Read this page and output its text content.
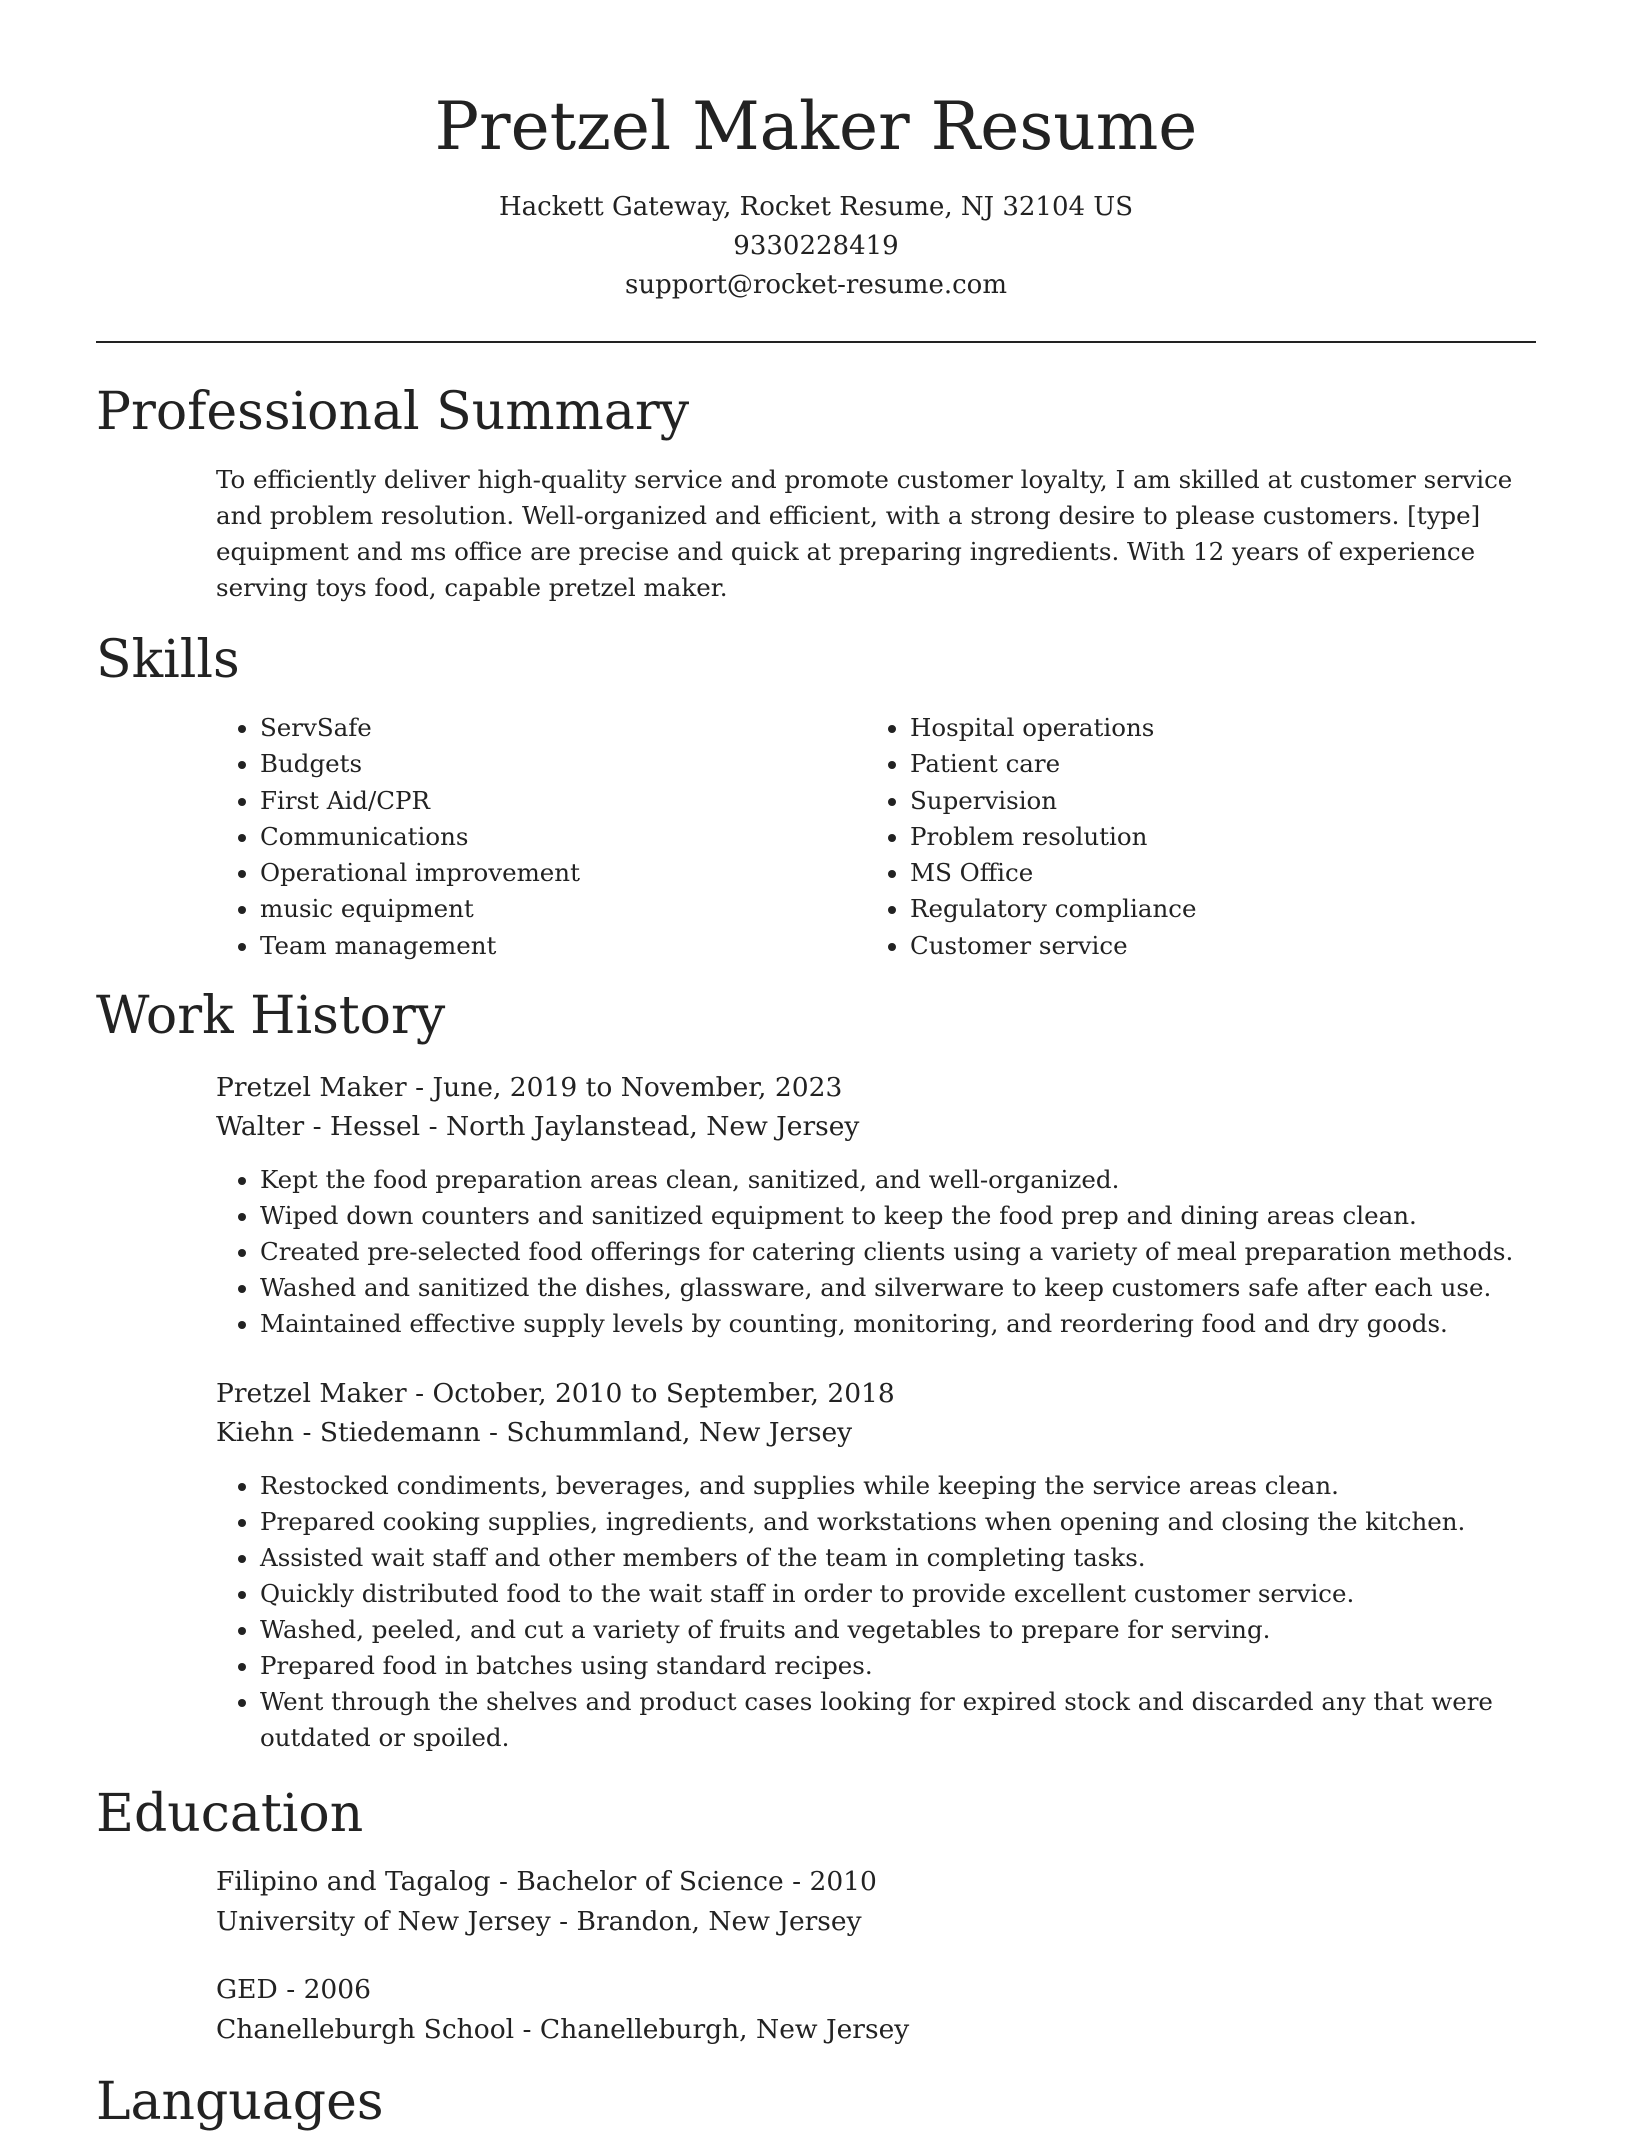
Pretzel Maker Resume
Hackett Gateway, Rocket Resume, NJ 32104 US
9330228419
support@rocket-resume.com
Professional Summary
To efficiently deliver high-quality service and promote customer loyalty, I am skilled at customer service and problem resolution. Well-organized and efficient, with a strong desire to please customers. [type] equipment and ms office are precise and quick at preparing ingredients. With 12 years of experience serving toys food, capable pretzel maker.
Skills
• ServSafe
• Budgets
• First Aid/CPR
• Communications
• Operational improvement
• music equipment
• Team management
• Hospital operations
• Patient care
• Supervision
• Problem resolution
• MS Office
• Regulatory compliance
• Customer service
Work History
Pretzel Maker - June, 2019 to November, 2023
Walter - Hessel - North Jaylanstead, New Jersey
• Kept the food preparation areas clean, sanitized, and well-organized.
• Wiped down counters and sanitized equipment to keep the food prep and dining areas clean.
• Created pre-selected food offerings for catering clients using a variety of meal preparation methods.
• Washed and sanitized the dishes, glassware, and silverware to keep customers safe after each use.
• Maintained effective supply levels by counting, monitoring, and reordering food and dry goods.
Pretzel Maker - October, 2010 to September, 2018
Kiehn - Stiedemann - Schummland, New Jersey
• Restocked condiments, beverages, and supplies while keeping the service areas clean.
• Prepared cooking supplies, ingredients, and workstations when opening and closing the kitchen.
• Assisted wait staff and other members of the team in completing tasks.
• Quickly distributed food to the wait staff in order to provide excellent customer service.
• Washed, peeled, and cut a variety of fruits and vegetables to prepare for serving.
• Prepared food in batches using standard recipes.
• Went through the shelves and product cases looking for expired stock and discarded any that were outdated or spoiled.
Education
Filipino and Tagalog - Bachelor of Science - 2010
University of New Jersey - Brandon, New Jersey
GED - 2006
Chanelleburgh School - Chanelleburgh, New Jersey
Languages
